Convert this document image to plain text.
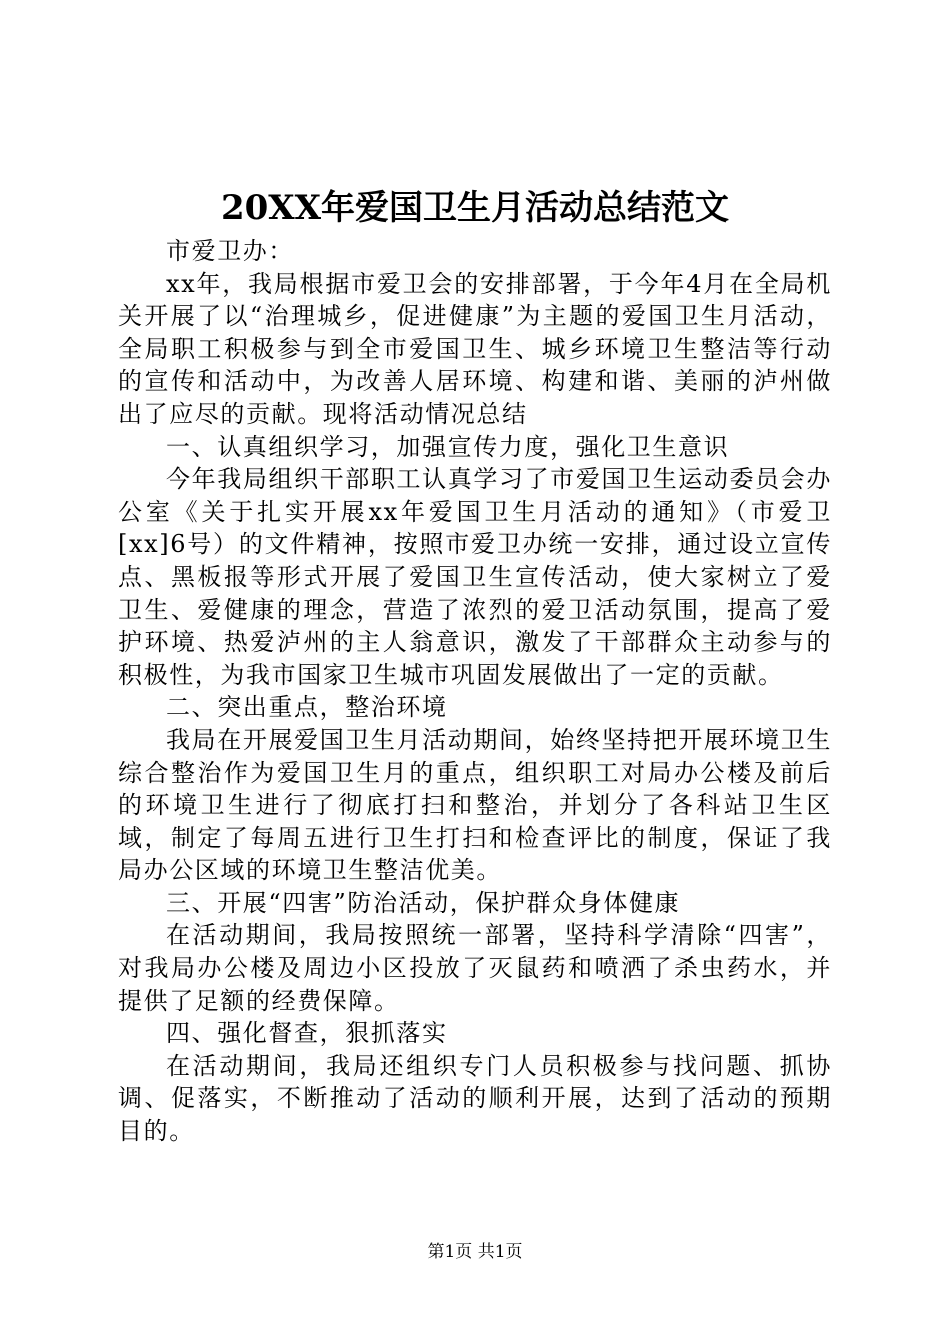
20XX年爱国卫生月活动总结范文

市爱卫办：

xx年，我局根据市爱卫会的安排部署，于今年4月在全局机关开展了以“治理城乡，促进健康”为主题的爱国卫生月活动，全局职工积极参与到全市爱国卫生、城乡环境卫生整洁等行动的宣传和活动中，为改善人居环境、构建和谐、美丽的泸州做出了应尽的贡献。现将活动情况总结

一、认真组织学习，加强宣传力度，强化卫生意识

今年我局组织干部职工认真学习了市爱国卫生运动委员会办公室《关于扎实开展xx年爱国卫生月活动的通知》（市爱卫[xx]6号）的文件精神，按照市爱卫办统一安排，通过设立宣传点、黑板报等形式开展了爱国卫生宣传活动，使大家树立了爱卫生、爱健康的理念，营造了浓烈的爱卫活动氛围，提高了爱护环境、热爱泸州的主人翁意识，激发了干部群众主动参与的积极性，为我市国家卫生城市巩固发展做出了一定的贡献。

二、突出重点，整治环境

我局在开展爱国卫生月活动期间，始终坚持把开展环境卫生综合整治作为爱国卫生月的重点，组织职工对局办公楼及前后的环境卫生进行了彻底打扫和整治，并划分了各科站卫生区域，制定了每周五进行卫生打扫和检查评比的制度，保证了我局办公区域的环境卫生整洁优美。

三、开展“四害”防治活动，保护群众身体健康

在活动期间，我局按照统一部署，坚持科学清除“四害”，对我局办公楼及周边小区投放了灭鼠药和喷洒了杀虫药水，并提供了足额的经费保障。

四、强化督查，狠抓落实

在活动期间，我局还组织专门人员积极参与找问题、抓协调、促落实，不断推动了活动的顺利开展，达到了活动的预期目的。

第1页 共1页
